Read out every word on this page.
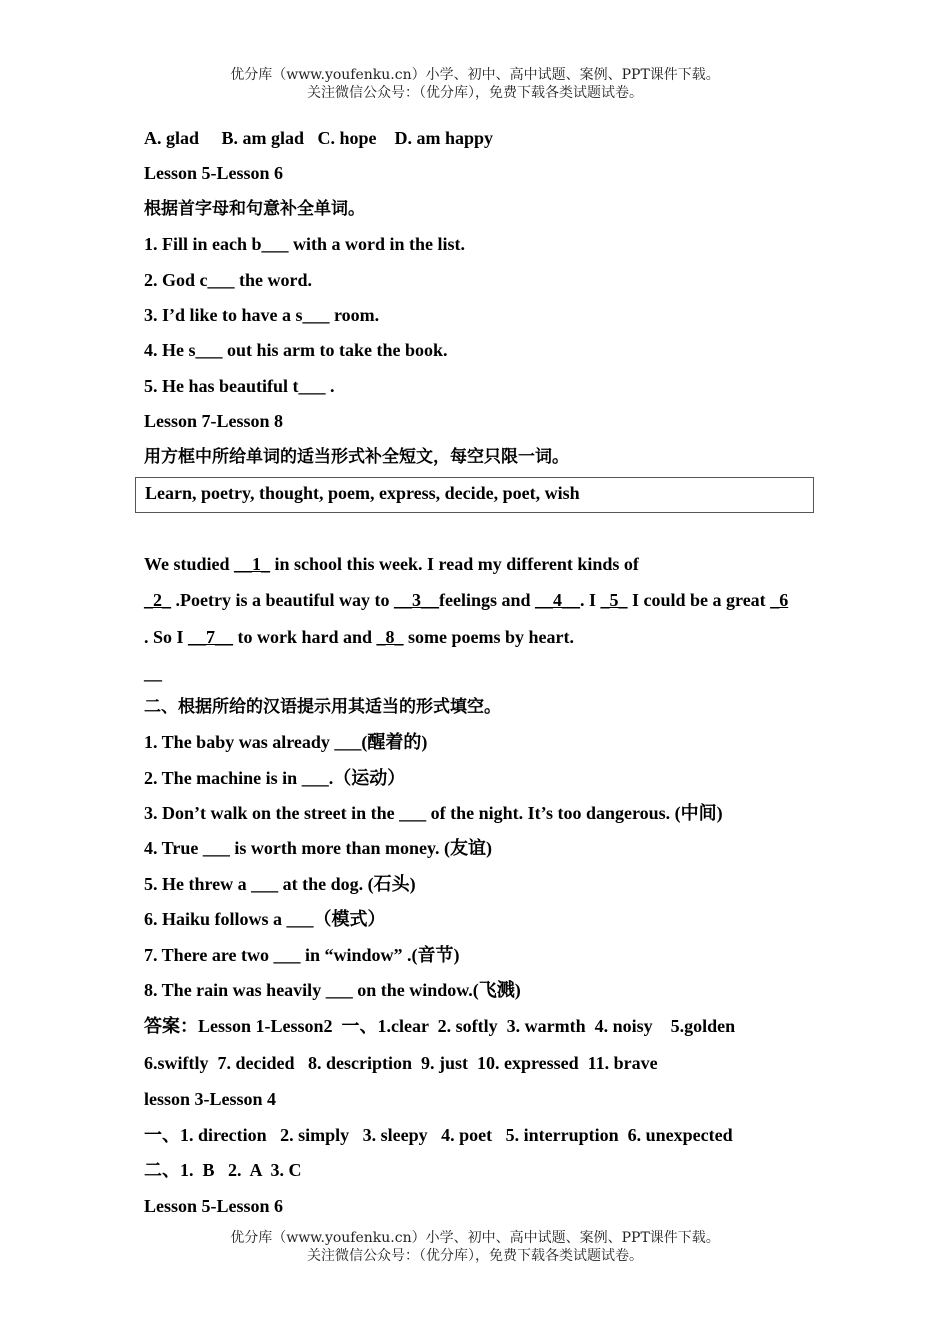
优分库（www.youfenku.cn）小学、初中、高中试题、案例、PPT课件下载。
关注微信公众号：（优分库），免费下载各类试题试卷。
A. glad     B. am glad   C. hope    D. am happy
Lesson 5-Lesson 6
根据首字母和句意补全单词。
1. Fill in each b___ with a word in the list.
2. God c___ the word.
3. I’d like to have a s___ room.
4. He s___ out his arm to take the book.
5. He has beautiful t___ .
Lesson 7-Lesson 8
用方框中所给单词的适当形式补全短文，每空只限一词。
Learn, poetry, thought, poem, express, decide, poet, wish
We studied __1_ in school this week. I read my different kinds of
_2_ .Poetry is a beautiful way to __3__feelings and __4__. I _5_ I could be a great _6
. So I __7__ to work hard and _8_ some poems by heart.
__
二、根据所给的汉语提示用其适当的形式填空。
1. The baby was already ___(醒着的)
2. The machine is in ___.（运动）
3. Don’t walk on the street in the ___ of the night. It’s too dangerous. (中间)
4. True ___ is worth more than money. (友谊)
5. He threw a ___ at the dog. (石头)
6. Haiku follows a ___（模式）
7. There are two ___ in “window” .(音节)
8. The rain was heavily ___ on the window.(飞溅)
答案：Lesson 1-Lesson2  一、1.clear  2. softly  3. warmth  4. noisy    5.golden
6.swiftly  7. decided   8. description  9. just  10. expressed  11. brave
lesson 3-Lesson 4
一、1. direction   2. simply   3. sleepy   4. poet   5. interruption  6. unexpected
二、1.  B   2.  A  3. C
Lesson 5-Lesson 6
优分库（www.youfenku.cn）小学、初中、高中试题、案例、PPT课件下载。
关注微信公众号：（优分库），免费下载各类试题试卷。
